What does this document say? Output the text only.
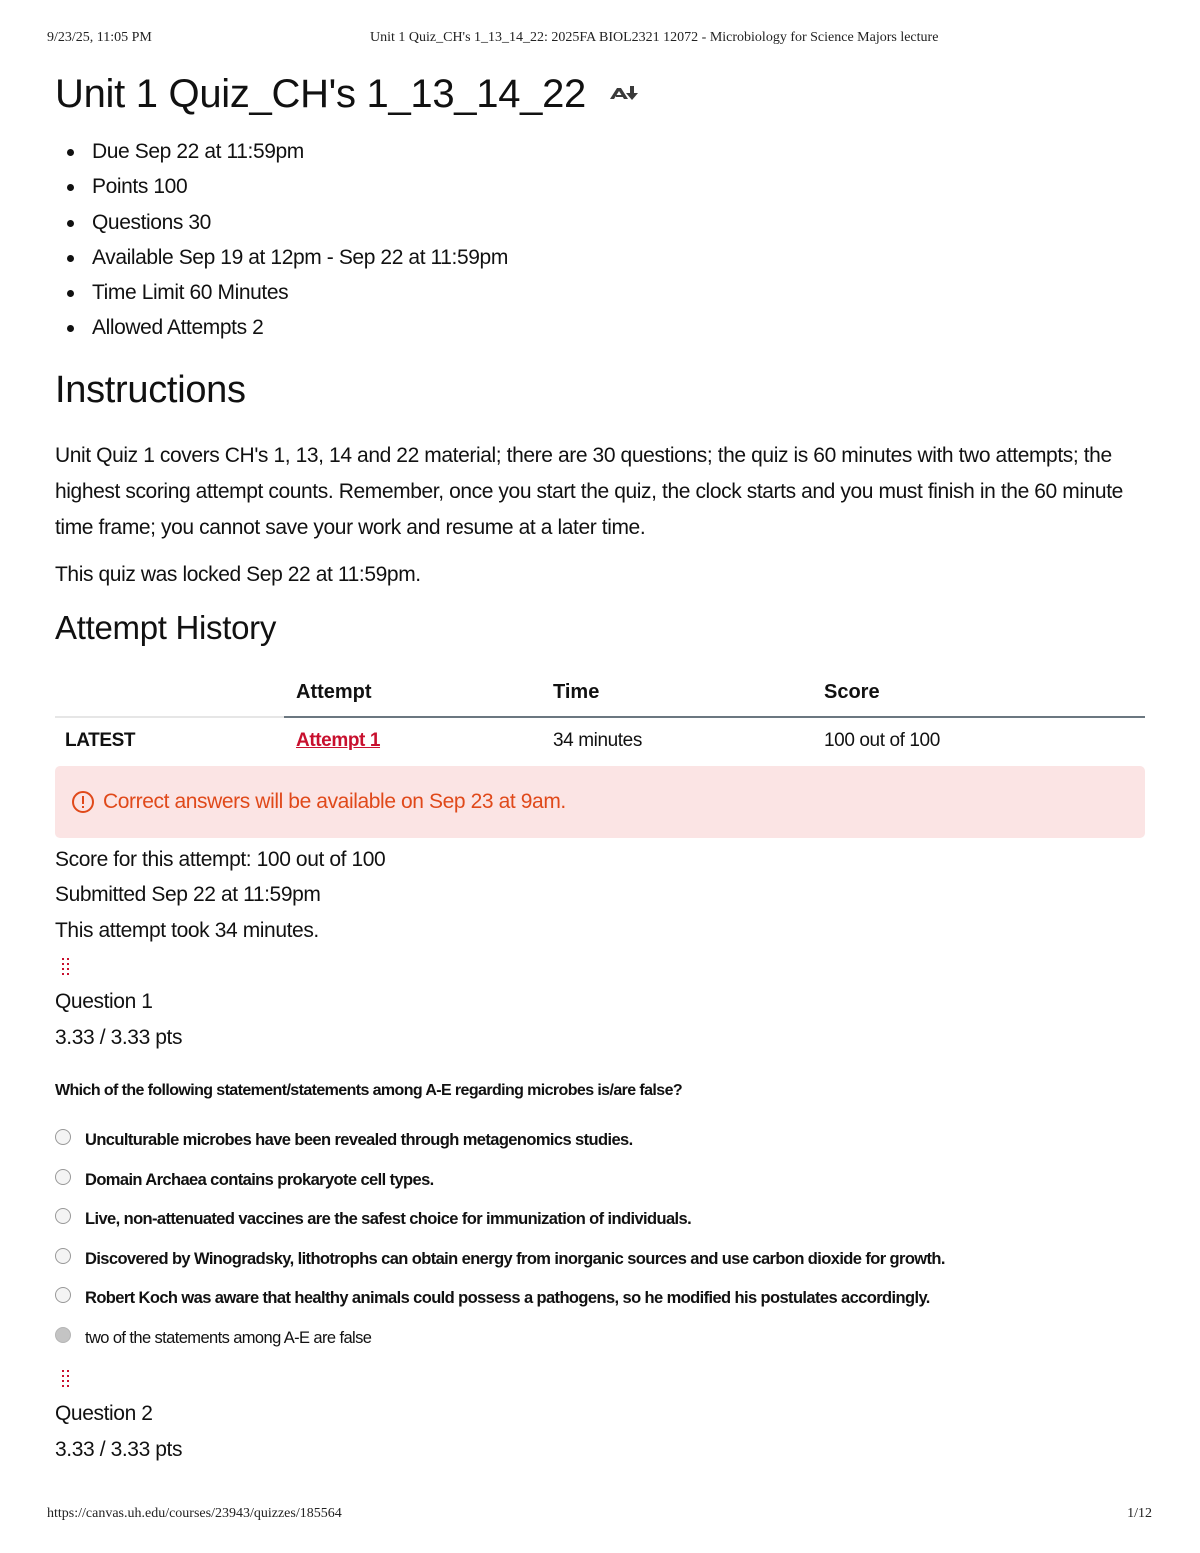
9/23/25, 11:05 PM	Unit 1 Quiz_CH's 1_13_14_22: 2025FA BIOL2321 12072 - Microbiology for Science Majors lecture
Unit 1 Quiz_CH's 1_13_14_22
Due Sep 22 at 11:59pm
Points 100
Questions 30
Available Sep 19 at 12pm - Sep 22 at 11:59pm
Time Limit 60 Minutes
Allowed Attempts 2
Instructions
Unit Quiz 1 covers CH's 1, 13, 14 and 22 material; there are 30 questions; the quiz is 60 minutes with two attempts; the highest scoring attempt counts. Remember, once you start the quiz, the clock starts and you must finish in the 60 minute time frame; you cannot save your work and resume at a later time.
This quiz was locked Sep 22 at 11:59pm.
Attempt History
	Attempt	Time	Score
LATEST	Attempt 1	34 minutes	100 out of 100
Correct answers will be available on Sep 23 at 9am.
Score for this attempt: 100 out of 100
Submitted Sep 22 at 11:59pm
This attempt took 34 minutes.
Question 1
3.33 / 3.33 pts
Which of the following statement/statements among A-E regarding microbes is/are false?
Unculturable microbes have been revealed through metagenomics studies.
Domain Archaea contains prokaryote cell types.
Live, non-attenuated vaccines are the safest choice for immunization of individuals.
Discovered by Winogradsky, lithotrophs can obtain energy from inorganic sources and use carbon dioxide for growth.
Robert Koch was aware that healthy animals could possess a pathogens, so he modified his postulates accordingly.
two of the statements among A-E are false
Question 2
3.33 / 3.33 pts
https://canvas.uh.edu/courses/23943/quizzes/185564	1/12
